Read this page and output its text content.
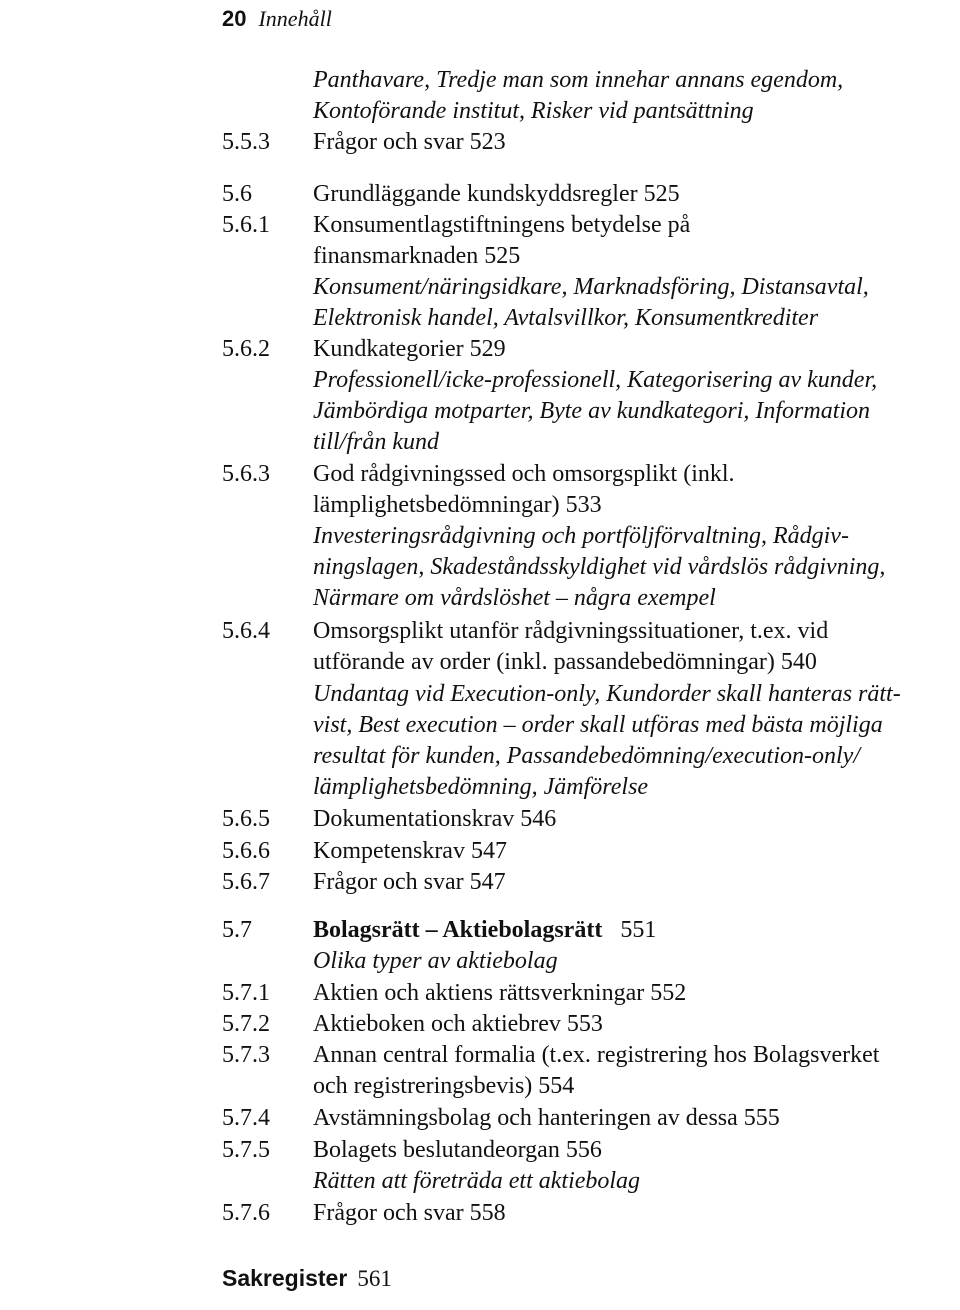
20 Innehåll
Panthavare, Tredje man som innehar annans egendom,
Kontoförande institut, Risker vid pantsättning
5.5.3 Frågor och svar 523
5.6	Grundläggande kundskyddsregler 525
5.6.1 Konsumentlagstiftningens betydelse på
finansmarknaden 525
Konsument/näringsidkare, Marknadsföring, Distansavtal,
Elektronisk handel, Avtalsvillkor, Konsumentkrediter
5.6.2 Kundkategorier 529
Professionell/icke-professionell, Kategorisering av kunder,
Jämbördiga motparter, Byte av kundkategori, Information
till/från kund
5.6.3 God rådgivningssed och omsorgsplikt (inkl.
lämplighetsbedömningar) 533
Investeringsrådgivning och portföljförvaltning, Rådgiv-
ningslagen, Skadeståndsskyldighet vid vårdslös rådgivning,
Närmare om vårdslöshet – några exempel
5.6.4 Omsorgsplikt utanför rådgivningssituationer, t.ex. vid
utförande av order (inkl. passandebedömningar) 540
Undantag vid Execution-only, Kundorder skall hanteras rätt-
vist, Best execution – order skall utföras med bästa möjliga
resultat för kunden, Passandebedömning/execution-only/
lämplighetsbedömning, Jämförelse
5.6.5 Dokumentationskrav 546
5.6.6 Kompetenskrav 547
5.6.7 Frågor och svar 547
5.7	Bolagsrätt – Aktiebolagsrätt 551
Olika typer av aktiebolag
5.7.1 Aktien och aktiens rättsverkningar 552
5.7.2 Aktieboken och aktiebrev 553
5.7.3 Annan central formalia (t.ex. registrering hos Bolagsverket
och registreringsbevis) 554
5.7.4 Avstämningsbolag och hanteringen av dessa 555
5.7.5 Bolagets beslutandeorgan 556
Rätten att företräda ett aktiebolag
5.7.6 Frågor och svar 558
Sakregister 561
